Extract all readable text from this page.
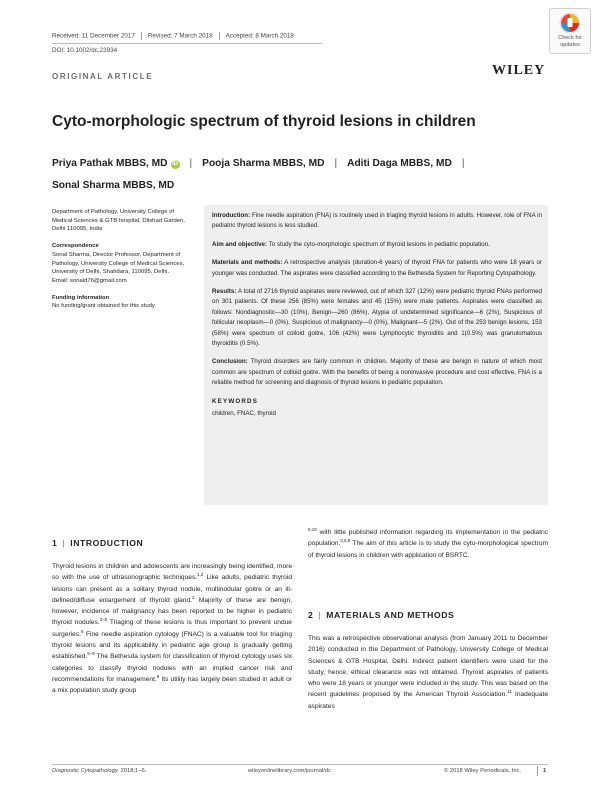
Received: 11 December 2017 Revised: 7 March 2018 Accepted: 8 March 2018
DOI: 10.1002/dc.23934
ORIGINAL ARTICLE	WILEY
Check for
updates
Cyto-morphologic spectrum of thyroid lesions in children
Priya Pathak MBBS, MD iD | Pooja Sharma MBBS, MD | Aditi Daga MBBS, MD |
Sonal Sharma MBBS, MD

Department of Pathology, University College of Medical Sciences & GTB hospital, Dilshad Garden, Delhi 110095, India

Correspondence

Sonal Sharma, Director Professor, Department of Pathology, University College of Medical Sciences, University of Delhi, Shahdara, 110095, Delhi.

Email: sonald76@gmail.com

Funding information

No funding/grant obtained for this study

Introduction: Fine needle aspiration (FNA) is routinely used in triaging thyroid lesions in adults. However, role of FNA in pediatric thyroid lesions is less studied.

Aim and objective: To study the cyto-morphologic spectrum of thyroid lesions in pediatric population.

Materials and methods: A retrospective analysis (duration-6 years) of thyroid FNA for patients who were 18 years or younger was conducted. The aspirates were classified according to the Bethesda System for Reporting Cytopathology.

Results: A total of 2716 thyroid aspirates were reviewed, out of which 327 (12%) were pediatric thyroid FNAs performed on 301 patients. Of these 256 (85%) were females and 45 (15%) were male patients. Aspirates were classified as follows: Nondiagnostic—30 (10%), Benign—260 (86%), Atypia of undetermined significance—6 (2%), Suspicious of follicular neoplasm—0 (0%), Suspicious of malignancy—0 (0%), Malignant—5 (2%). Out of the 253 benign lesions, 153 (58%) were spectrum of colloid goitre, 106 (42%) were Lymphocytic thyroiditis and 1(0.5%) was granulomatous thyroiditis (0.5%).

Conclusion: Thyroid disorders are fairly common in children. Majority of these are benign in nature of which most common are spectrum of colloid goitre. With the benefits of being a noninvasive procedure and cost effective, FNA is a reliable method for screening and diagnosis of thyroid lesions in pediatric population.

KEYWORDS
children, FNAC, thyroid
1 | INTRODUCTION

Thyroid lesions in children and adolescents are increasingly being identified, more so with the use of ultrasonographic techniques.$^{1,2}$ Like adults, pediatric thyroid lesions can present as a solitary thyroid nodule, multinodular goitre or an ill-defined/diffuse enlargement of thyroid gland.$^2$ Majority of these are benign, however, incidence of malignancy has been reported to be higher in pediatric thyroid nodules.$^{3-5}$ Triaging of these lesions is thus important to prevent undue surgeries.$^6$ Fine needle aspiration cytology (FNAC) is a valuable tool for triaging thyroid lesions and its applicability in pediatric age group is gradually getting established.$^{5-8}$ The Bethesda system for classification of thyroid cytology uses six categories to classify thyroid nodules with an implied cancer risk and recommendations for management.$^9$ Its utility has largely been studied in adult or a mix population study group

$^{9,10}$ with little published information regarding its implementation in the pediatric population.$^{3,5,8}$ The aim of this article is to study the cyto-morphological spectrum of thyroid lesions in children with application of BSRTC.

2 | MATERIALS AND METHODS

This was a retrospective observational analysis (from January 2011 to December 2016) conducted in the Department of Pathology, University College of Medical Sciences & GTB Hospital, Delhi. Indirect patient identifiers were used for the study, hence, ethical clearance was not obtained. Thyroid aspirates of patients who were 18 years or younger were included in the study. This was based on the recent guidelines proposed by the American Thyroid Association.$^{11}$ Inadequate aspirates

Diagnostic Cytopathology. 2018;1–6.	wileyonlinelibrary.com/journal/dc	© 2018 Wiley Periodicals, Inc.	1
